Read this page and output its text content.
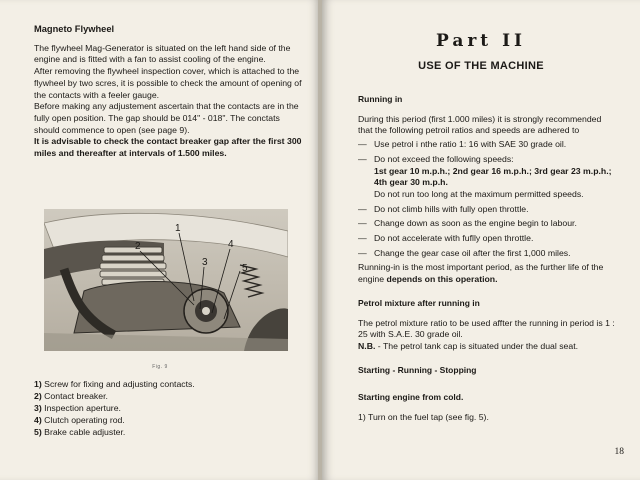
Magneto Flywheel

The flywheel Mag-Generator is situated on the left hand side of the engine and is fitted with a fan to assist cooling of the engine.

After removing the flywheel inspection cover, which is attached to the flywheel by two scres, it is possible to check the amount of opening of the contacts with a feeler gauge.

Before making any adjustement ascertain that the contacts are in the fully open position. The gap should be 014" - 018". The conctats should commence to open (see page 9).

It is advisable to check the contact breaker gap after the first 300 miles and thereafter at intervals of 1.500 miles.

1
2
3
4
5
Fig. 9
1) Screw for fixing and adjusting contacts.
2) Contact breaker.
3) Inspection aperture.
4) Clutch operating rod.
5) Brake cable adjuster.
Part II
USE OF THE MACHINE
Running in

During this period (first 1.000 miles) it is strongly recommended that the following petroil ratios and speeds are adhered to

— Use petrol i nthe ratio 1: 16 with SAE 30 grade oil.
— Do not exceed the following speeds:
1st gear 10 m.p.h.; 2nd gear 16 m.p.h.; 3rd gear 23 m.p.h.; 4th gear 30 m.p.h.
Do not run too long at the maximum permitted speeds.
— Do not climb hills with fully open throttle.
— Change down as soon as the engine begin to labour.
— Do not accelerate with fuflly open throttle.
— Change the gear case oil after the first 1,000 miles.

Running-in is the most important period, as the further life of the engine depends on this operation.

Petrol mixture after running in

The petrol mixture ratio to be used affter the running in period is 1 : 25 with S.A.E. 30 grade oil.

N.B. - The petrol tank cap is situated under the dual seat.

Starting - Running - Stopping
Starting engine from cold.

1) Turn on the fuel tap (see fig. 5).

18
